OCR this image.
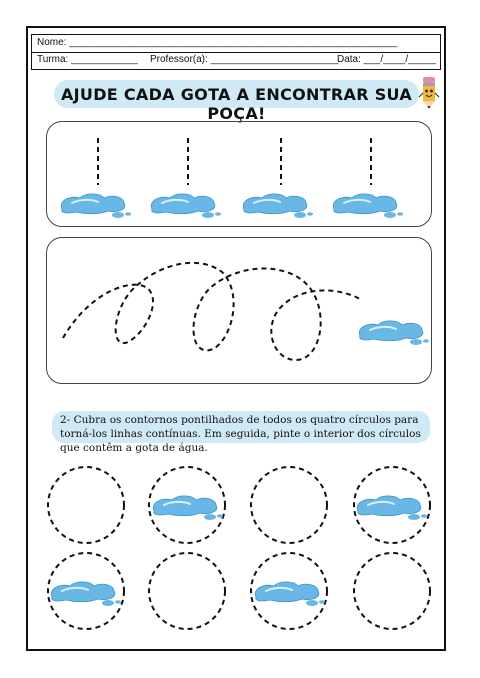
Nome: ___________________________________________________________
Turma: ____________ Professor(a): _______________________
Data: ___/____/_____
AJUDE CADA GOTA A ENCONTRAR SUA POÇA!
2- Cubra os contornos pontilhados de todos os quatro círculos para torná-los linhas contínuas. Em seguida, pinte o interior dos círculos que contêm a gota de água.
